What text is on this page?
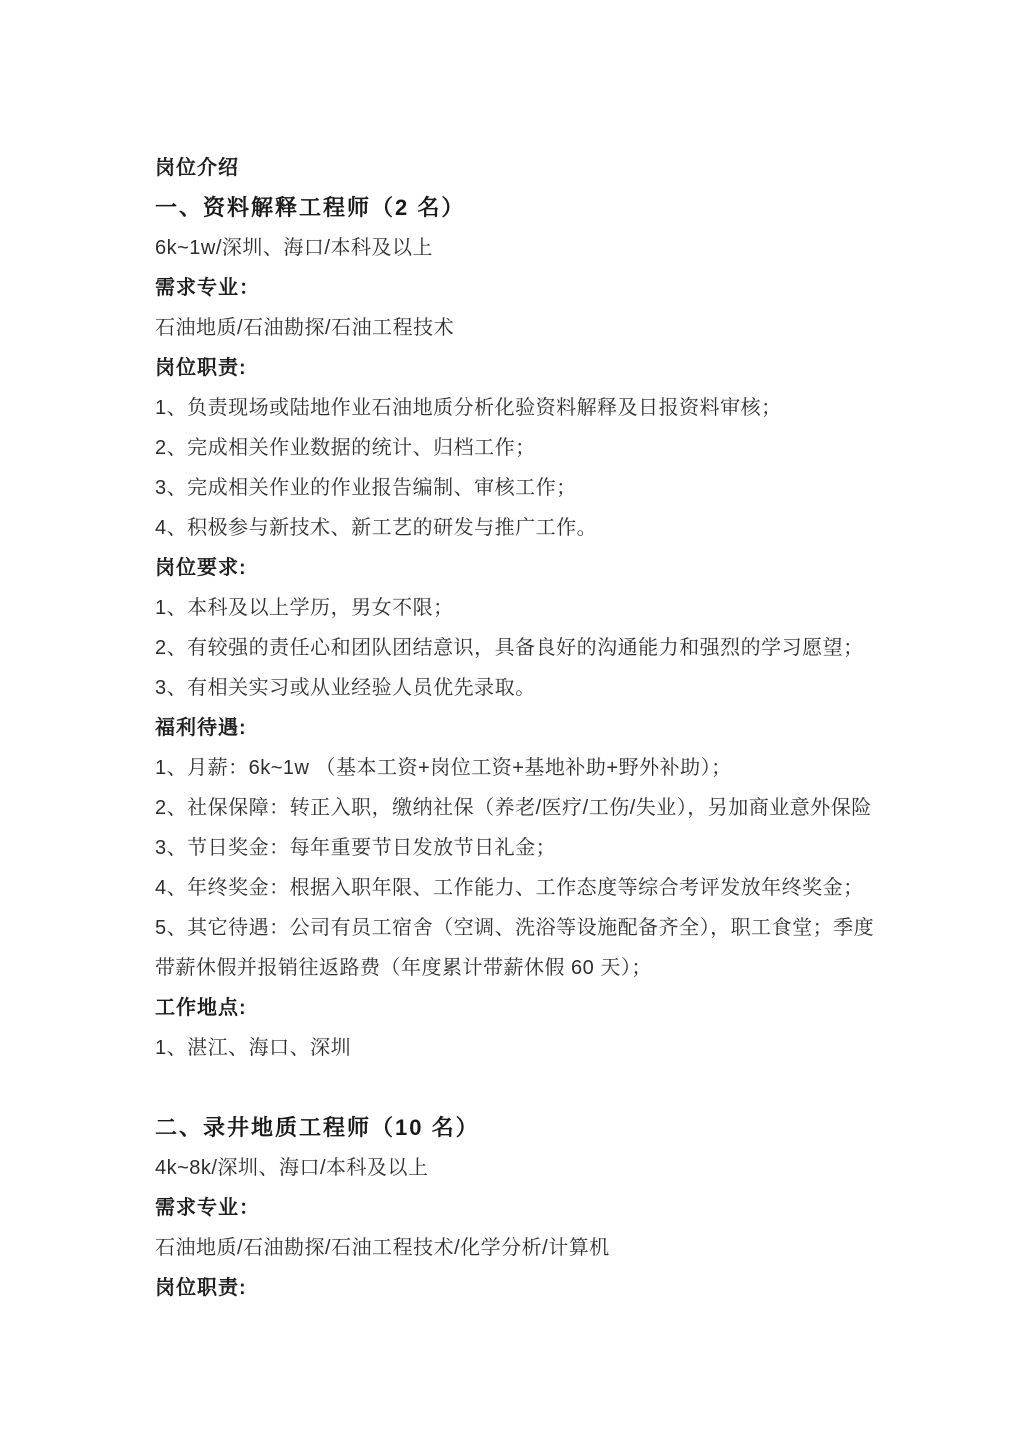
岗位介绍

一、资料解释工程师（2 名）

6k~1w/深圳、海口/本科及以上

需求专业：

石油地质/石油勘探/石油工程技术

岗位职责:

1、负责现场或陆地作业石油地质分析化验资料解释及日报资料审核；

2、完成相关作业数据的统计、归档工作；

3、完成相关作业的作业报告编制、审核工作；

4、积极参与新技术、新工艺的研发与推广工作。

岗位要求:

1、本科及以上学历，男女不限；

2、有较强的责任心和团队团结意识，具备良好的沟通能力和强烈的学习愿望；

3、有相关实习或从业经验人员优先录取。

福利待遇:

1、月薪：6k~1w （基本工资+岗位工资+基地补助+野外补助）；

2、社保保障：转正入职，缴纳社保（养老/医疗/工伤/失业），另加商业意外保险

3、节日奖金：每年重要节日发放节日礼金；

4、年终奖金：根据入职年限、工作能力、工作态度等综合考评发放年终奖金；

5、其它待遇：公司有员工宿舍（空调、洗浴等设施配备齐全），职工食堂；季度

带薪休假并报销往返路费（年度累计带薪休假 60 天）；

工作地点:

1、湛江、海口、深圳

二、录井地质工程师（10 名）

4k~8k/深圳、海口/本科及以上

需求专业：

石油地质/石油勘探/石油工程技术/化学分析/计算机

岗位职责:
